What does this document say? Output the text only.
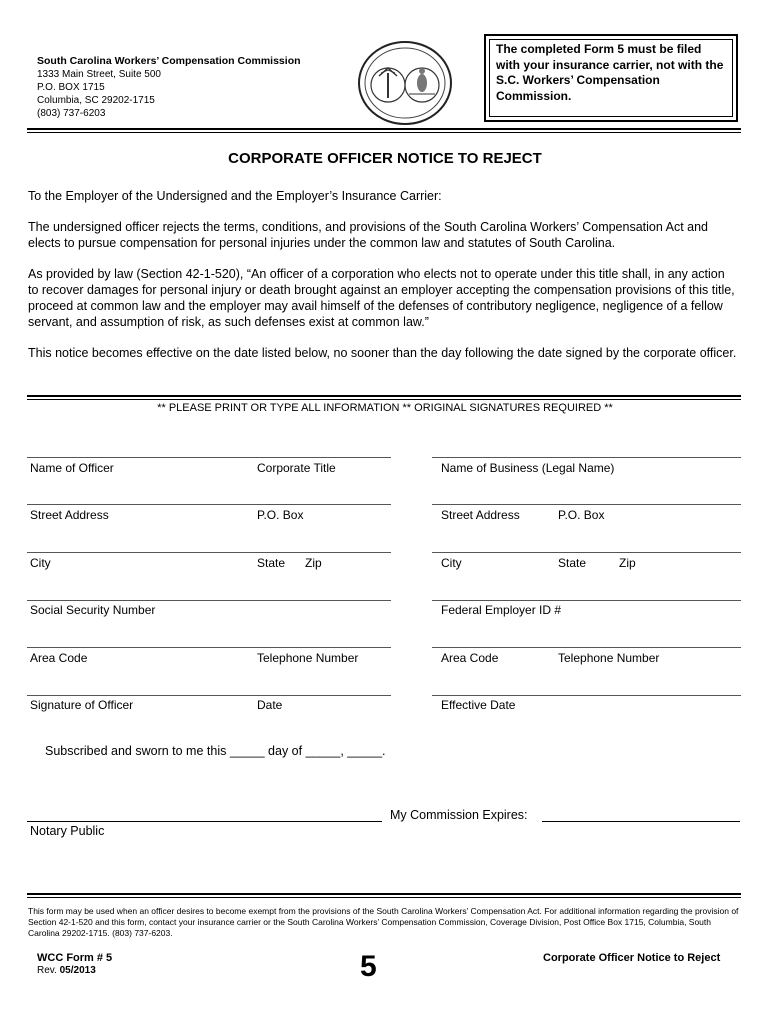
South Carolina Workers’ Compensation Commission
1333 Main Street, Suite 500
P.O. BOX 1715
Columbia, SC 29202-1715
(803) 737-6203
The completed Form 5 must be filed with your insurance carrier, not with the S.C. Workers’ Compensation Commission.
CORPORATE OFFICER NOTICE TO REJECT
To the Employer of the Undersigned and the Employer’s Insurance Carrier:
The undersigned officer rejects the terms, conditions, and provisions of the South Carolina Workers’ Compensation Act and elects to pursue compensation for personal injuries under the common law and statutes of South Carolina.
As provided by law (Section 42-1-520), “An officer of a corporation who elects not to operate under this title shall, in any action to recover damages for personal injury or death brought against an employer accepting the compensation provisions of this title, proceed at common law and the employer may avail himself of the defenses of contributory negligence, negligence of a fellow servant, and assumption of risk, as such defenses exist at common law.”
This notice becomes effective on the date listed below, no sooner than the day following the date signed by the corporate officer.
** PLEASE PRINT OR TYPE ALL INFORMATION ** ORIGINAL SIGNATURES REQUIRED **
Name of Officer	Corporate Title	Name of Business (Legal Name)
Street Address	P.O. Box	Street Address	P.O. Box
City	State Zip	City	State	Zip
Social Security Number	Federal Employer ID #
Area Code	Telephone Number	Area Code	Telephone Number
Signature of Officer	Date	Effective Date
Subscribed and sworn to me this _____ day of _____, _____.
My Commission Expires:
Notary Public
This form may be used when an officer desires to become exempt from the provisions of the South Carolina Workers’ Compensation Act. For additional information regarding the provision of Section 42-1-520 and this form, contact your insurance carrier or the South Carolina Workers’ Compensation Commission, Coverage Division, Post Office Box 1715, Columbia, South Carolina 29202-1715. (803) 737-6203.
WCC Form # 5
Rev. 05/2013	5	Corporate Officer Notice to Reject
